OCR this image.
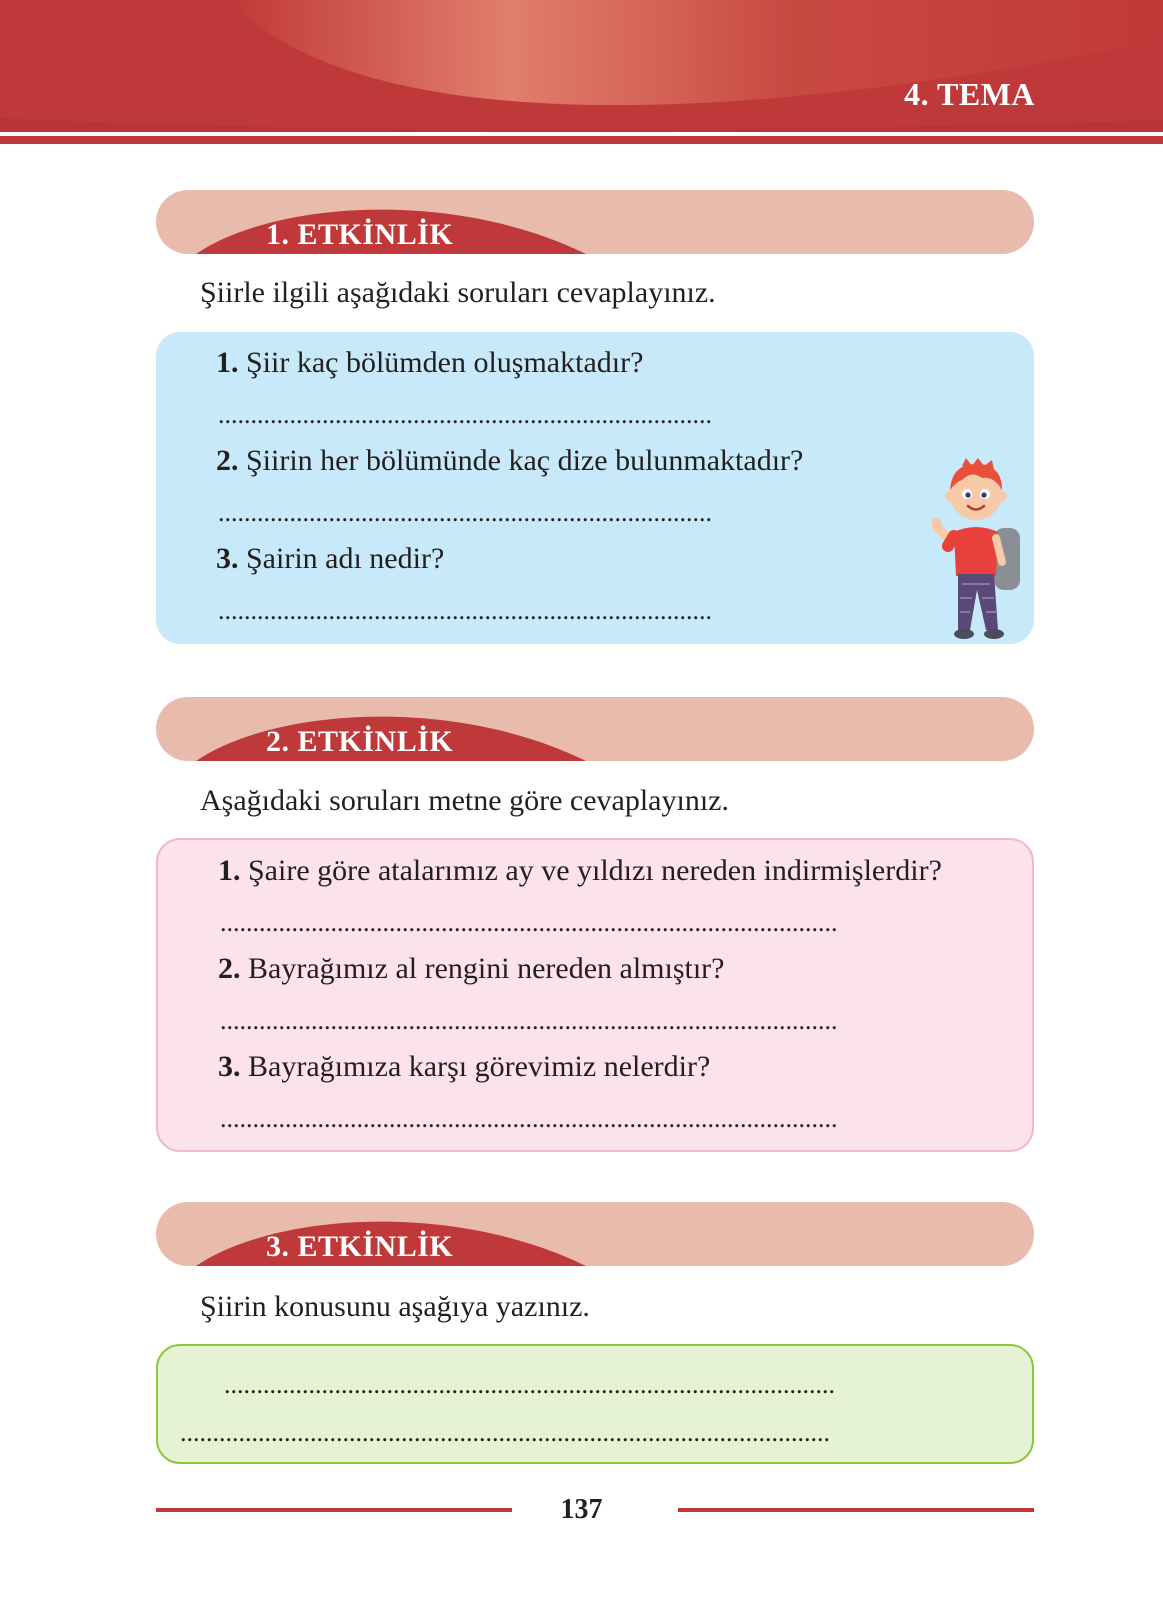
4. TEMA
1. ETKİNLİK
Şiirle ilgili aşağıdaki soruları cevaplayınız.
1. Şiir kaç bölümden oluşmaktadır?
............................................................................
2. Şiirin her bölümünde kaç dize bulunmaktadır?
............................................................................
3. Şairin adı nedir?
............................................................................
2. ETKİNLİK
Aşağıdaki soruları metne göre cevaplayınız.
1. Şaire göre atalarımız ay ve yıldızı nereden indirmişlerdir?
...............................................................................................
2. Bayrağımız al rengini nereden almıştır?
...............................................................................................
3. Bayrağımıza karşı görevimiz nelerdir?
...............................................................................................
3. ETKİNLİK
Şiirin konusunu aşağıya yazınız.
..............................................................................................
....................................................................................................
137
